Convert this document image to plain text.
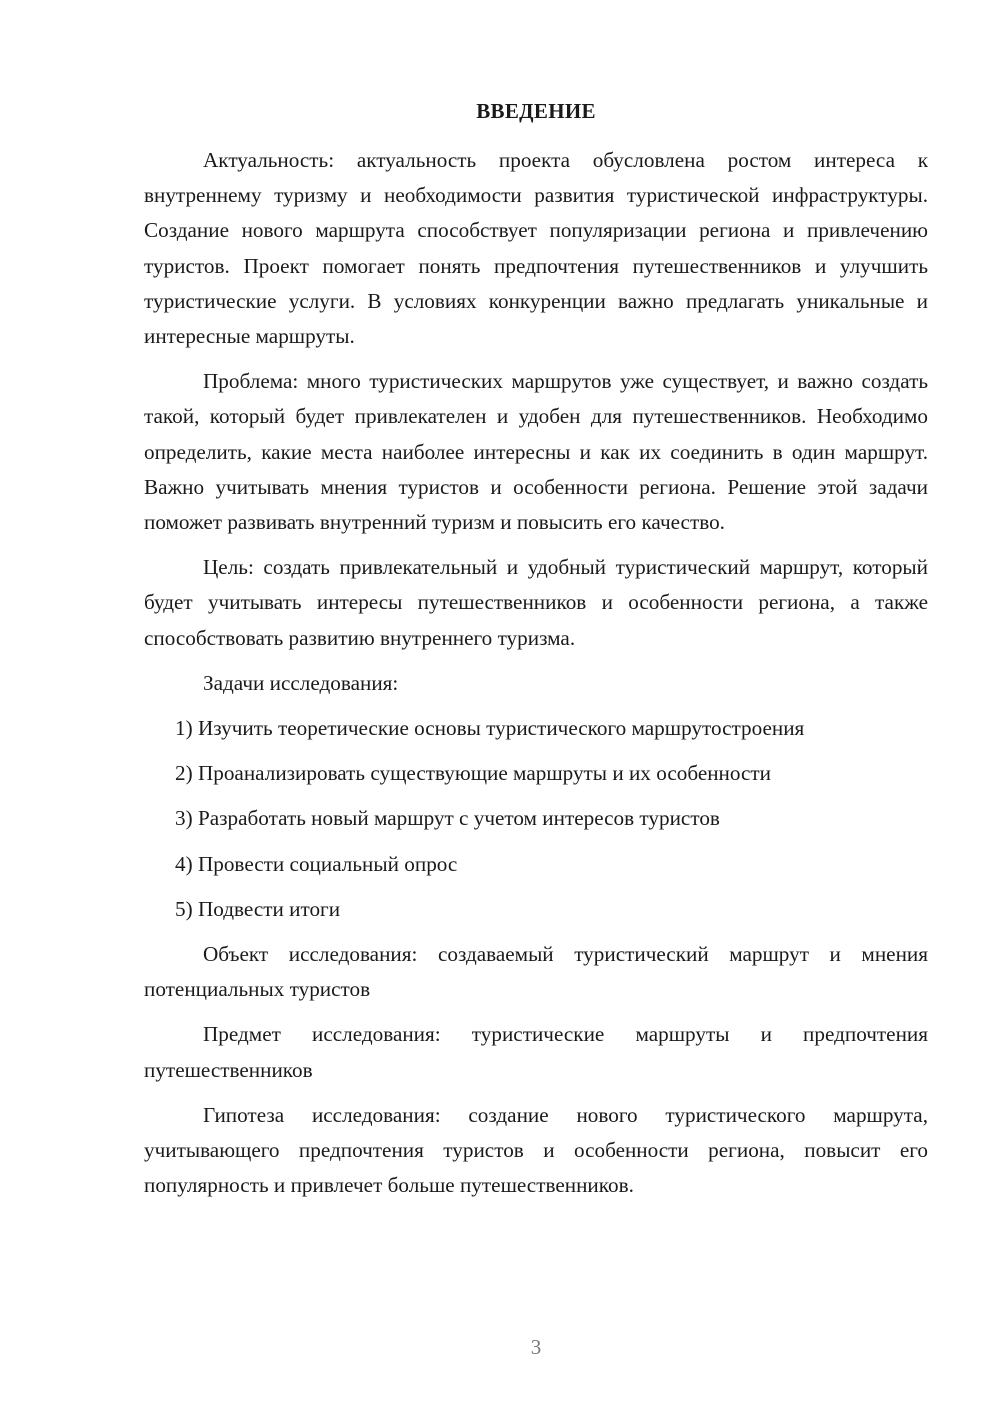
ВВЕДЕНИЕ

Актуальность: актуальность проекта обусловлена ростом интереса к внутреннему туризму и необходимости развития туристической инфраструктуры. Создание нового маршрута способствует популяризации региона и привлечению туристов. Проект помогает понять предпочтения путешественников и улучшить туристические услуги. В условиях конкуренции важно предлагать уникальные и интересные маршруты.

Проблема: много туристических маршрутов уже существует, и важно создать такой, который будет привлекателен и удобен для путешественников. Необходимо определить, какие места наиболее интересны и как их соединить в один маршрут. Важно учитывать мнения туристов и особенности региона. Решение этой задачи поможет развивать внутренний туризм и повысить его качество.

Цель: создать привлекательный и удобный туристический маршрут, который будет учитывать интересы путешественников и особенности региона, а также способствовать развитию внутреннего туризма.

Задачи исследования:

1) Изучить теоретические основы туристического маршрутостроения
2) Проанализировать существующие маршруты и их особенности
3) Разработать новый маршрут с учетом интересов туристов
4) Провести социальный опрос
5) Подвести итоги

Объект исследования: создаваемый туристический маршрут и мнения потенциальных туристов

Предмет исследования: туристические маршруты и предпочтения путешественников

Гипотеза исследования: создание нового туристического маршрута, учитывающего предпочтения туристов и особенности региона, повысит его популярность и привлечет больше путешественников.

3
